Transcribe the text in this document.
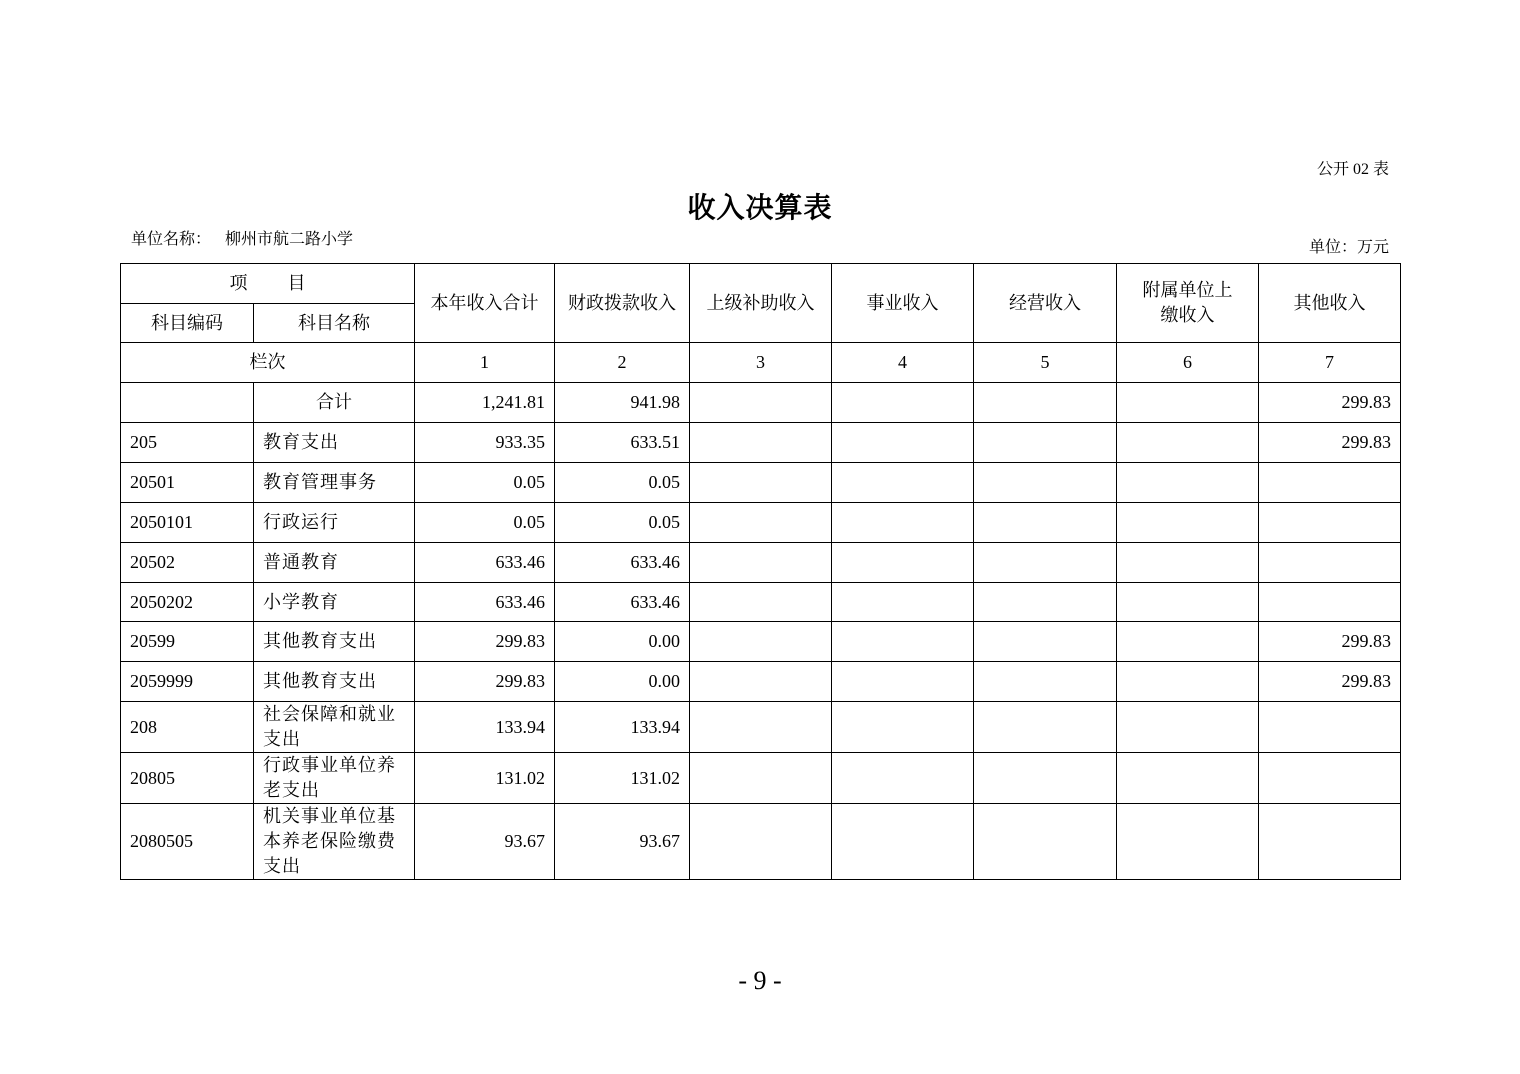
公开 02 表
收入决算表
单位名称： 柳州市航二路小学	单位：万元
项 目		本年收入合计	财政拨款收入	上级补助收入	事业收入	经营收入	附属单位上缴收入	其他收入
科目编码	科目名称							
栏次		1	2	3	4	5	6	7
	合计	1,241.81	941.98					299.83
205	教育支出	933.35	633.51					299.83
20501	教育管理事务	0.05	0.05					
2050101	行政运行	0.05	0.05					
20502	普通教育	633.46	633.46					
2050202	小学教育	633.46	633.46					
20599	其他教育支出	299.83	0.00					299.83
2059999	其他教育支出	299.83	0.00					299.83
208	社会保障和就业支出	133.94	133.94					
20805	行政事业单位养老支出	131.02	131.02					
2080505	机关事业单位基本养老保险缴费支出	93.67	93.67					
- 9 -
